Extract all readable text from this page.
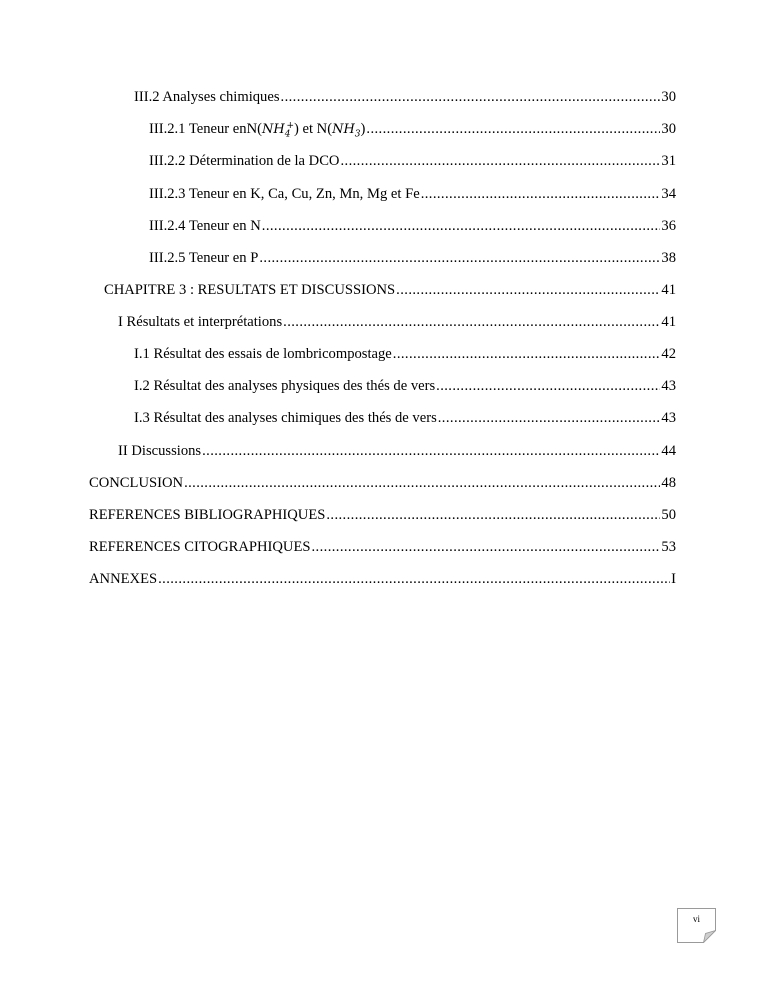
III.2 Analyses chimiques .....	30
III.2.1 Teneur $enN(NH_4^+)$ et $N(NH_3)$ .....	30
III.2.2 Détermination de la DCO .....	31
III.2.3 Teneur en K, Ca, Cu, Zn, Mn, Mg et Fe .....	34
III.2.4 Teneur en N .....	36
III.2.5 Teneur en P .....	38
CHAPITRE 3 : RESULTATS ET DISCUSSIONS .....	41
I Résultats et interprétations .....	41
I.1 Résultat des essais de lombricompostage .....	42
I.2 Résultat des analyses physiques des thés de vers .....	43
I.3 Résultat des analyses chimiques des thés de vers .....	43
II Discussions .....	44
CONCLUSION .....	48
REFERENCES BIBLIOGRAPHIQUES .....	50
REFERENCES CITOGRAPHIQUES .....	53
ANNEXES .....	I
vi
